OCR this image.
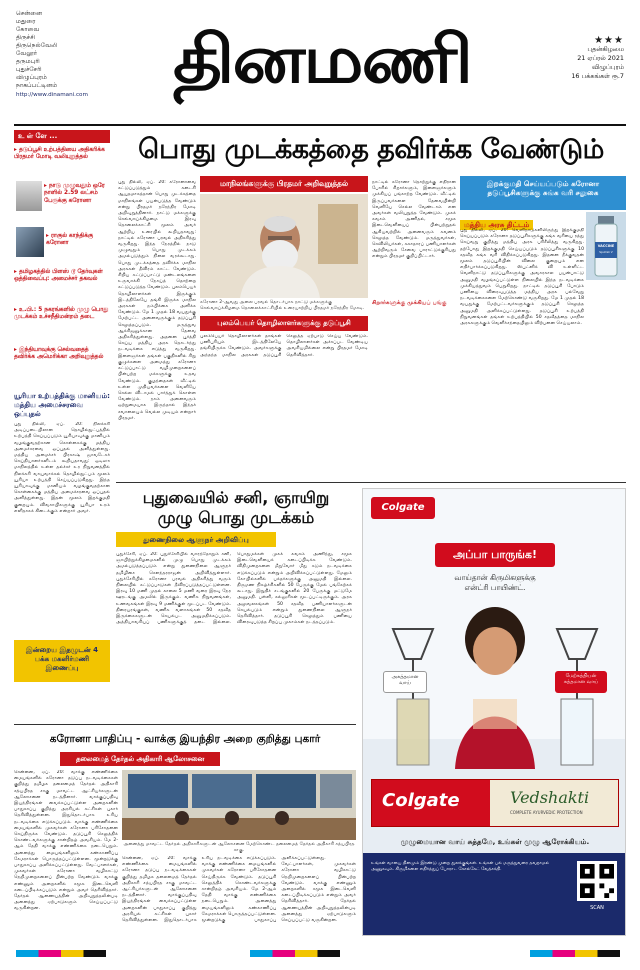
சென்னை
மதுரை
கோவை
திருச்சி
திருநெல்வேலி
வேலூர்
தருமபுரி
புதுச்சேரி
விழுப்புரம்
நாகப்பட்டினம்
http://www.dinamani.com	தினமணி	★★★
புதன்கிழமை
21 ஏப்ரல் 2021
விழுப்புரம்
16 பக்கங்கள் ரூ.7
உ ள் ளே ...
▸ தடுப்பூசி உற்பத்தியை அதிகரிக்க பிரதமர் மோடி வலியுறுத்தல்
▸ நாடு முழுவதும் ஒரே நாளில் 2.59 லட்சம் பேருக்கு கரோனா
▸ ராகுல் காந்திக்கு கரோனா
▸ தமிழகத்தில் பிளஸ் டூ தேர்வுகள் ஒத்திவைப்பு: அமைச்சர் தகவல்
▸ உ.பி.: 5 நகரங்களில் முழு பொது முடக்கம் உச்சநீதிமன்றம் தடை
▸ இந்தியாவுக்கு செல்வதைத் தவிர்க்க அமெரிக்கா அறிவுறுத்தல்
யூரியா உற்பத்திக்கு மானியம்: மத்திய அமைச்சரவை ஒப்புதல்
புது தில்லி, ஏப். 20: நிலக்கரி அடிப்படையிலான தொழில்நுட்பத்தில் உற்பத்தி செய்யப்படும் யூரியாவுக்கு மானியம் வழங்குவதற்கான கொள்கைக்கு மத்திய அமைச்சரவை ஒப்புதல் அளித்துள்ளது. மத்திய அமைச்சர் பிரகாஷ் ஜாவடேகர் செய்தியாளர்களிடம் கூறியதாவது: ஒடிஸா மாநிலத்தில் உள்ள தல்ச்சர் உர நிறுவனத்தில் நிலக்கரி வாயுவாக்கல் தொழில்நுட்பம் மூலம் யூரியா உற்பத்தி செய்யப்படுகிறது. இந்த யூரியாவுக்கு மானியம் வழங்குவதற்கான கொள்கைக்கு மத்திய அமைச்சரவை ஒப்புதல் அளித்துள்ளது. இதன் மூலம் இறக்குமதி குறையும். விவசாயிகளுக்கு யூரியா உரம் எளிதாகக் கிடைக்கும் என்றார் அவர்.
இன்றைய இதழுடன் 4 பக்க மகளிர்மணி இணைப்பு
பொது முடக்கத்தை தவிர்க்க வேண்டும்
புது தில்லி, ஏப். 20: கரோனாவை கட்டுப்படுத்தும் கடைசி ஆயுதமாகத்தான் பொது முடக்கத்தை மாநிலங்கள் பயன்படுத்த வேண்டும் என்று பிரதமர் நரேந்திர மோடி அறிவுறுத்தினார். நாட்டு மக்களுக்கு செவ்வாய்க்கிழமை இரவு தொலைக்காட்சி மூலம் அவர் ஆற்றிய உரையில் கூறியதாவது: நாட்டில் கரோனா பரவல் அதிகரித்து வருகிறது. இந்த நேரத்தில் நாடு முழுவதும் பொது முடக்கம் அமல்படுத்தும் நிலை வரக்கூடாது. பொது முடக்கத்தை தவிர்க்க மாநில அரசுகள் தீவிரம் காட்ட வேண்டும். சிறிய கட்டுப்பாட்டு மண்டலங்களை உருவாக்கி நோய்த் தொற்றை கட்டுப்படுத்த வேண்டும். புலம்பெயர் தொழிலாளர்கள் இருக்கும் இடத்திலேயே தங்கி இருக்க மாநில அரசுகள் நம்பிக்கை அளிக்க வேண்டும். மே 1 முதல் 18 வயதுக்கு மேற்பட்ட அனைவருக்கும் தடுப்பூசி செலுத்தப்படும். மருத்துவ ஆக்சிஜனுக்கான தேவை அதிகரித்துள்ளது. அதனை பூர்த்தி செய்ய மத்திய அரசு தொடர்ந்து நடவடிக்கை எடுத்து வருகிறது. இளைஞர்கள் தங்கள் பகுதிகளில் சிறு குழுக்களை அமைத்து கரோனா கட்டுப்பாட்டு வழிமுறைகளைப் பின்பற்ற மக்களுக்கு உதவ வேண்டும். குழந்தைகள் வீட்டில் உள்ள முதியவர்களை வெளியே செல்ல விடாமல் பார்த்துக் கொள்ள வேண்டும். நாம் அனைவரும் ஒற்றுமையாக இருந்தால் இந்தச் சவாலையும் வெல்ல முடியும் என்றார் பிரதமர்.
மாநிலங்களுக்கு பிரதமர் அறிவுறுத்தல்
கரோனா 2-ஆவது அலை பரவல் தொடர்பாக நாட்டு மக்களுக்கு செவ்வாய்க்கிழமை தொலைக்காட்சியில் உரையாற்றிய பிரதமர் நரேந்திர மோடி.
புலம்பெயர் தொழிலாளர்களுக்கு தடுப்பூசி
புலம்பெயர் தொழிலாளர்கள் தாங்கள் பணிபுரியும் இடத்திலேயே தங்கியிருக்க வேண்டும். அவர்களுக்கு அந்தந்த மாநில அரசுகள் தடுப்பூசி செலுத்த ஏற்பாடு செய்ய வேண்டும். தொழிலாளர்கள் அச்சப்பட வேண்டிய அவசியமில்லை என்று பிரதமர் மோடி தெரிவித்தார்.
நாட்டில் கரோனா தொற்றுக்கு எதிரான போரில் சிறார்களும், இளைஞர்களும் முக்கியப் பங்காற்ற வேண்டும். வீட்டில் இருப்பவர்களை தேவையின்றி வெளியே செல்ல வேண்டாம் என அவர்கள் வலியுறுத்த வேண்டும். முகக் கவசம் அணிதல், சமூக இடைவெளியைப் பின்பற்றுதல் ஆகியவற்றில் அனைவரும் கவனம் செலுத்த வேண்டும். மருத்துவர்கள், செவிலியர்கள், சுகாதாரப் பணியாளர்கள் ஆற்றிவரும் சேவை பாராட்டுக்குரியது என்றும் பிரதமர் குறிப்பிட்டார்.
சிறார்களுக்கு முக்கியப் பங்கு
இறக்குமதி செய்யப்படும் கரோனா தடுப்பூசிகளுக்கு சுங்க வரி சலுகை
மத்திய அரசு திட்டம்
VACCINE
Sputnik V
புது தில்லி, ஏப். 20: வெளிநாடுகளிலிருந்து இறக்குமதி செய்யப்படும் கரோனா தடுப்பூசிகளுக்கு சுங்க வரியை ரத்து செய்வது குறித்து மத்திய அரசு பரிசீலித்து வருகிறது. தற்போது இறக்குமதி செய்யப்படும் தடுப்பூசிகளுக்கு 10 சதவீத சுங்க வரி விதிக்கப்படுகிறது. இதனை நீக்குவதன் மூலம் தடுப்பூசியின் விலை குறையும் என எதிர்பார்க்கப்படுகிறது. ஸ்புட்னிக் வி உள்ளிட்ட வெளிநாட்டு தடுப்பூசிகளுக்கு அவசரகால பயன்பாட்டு அனுமதி வழங்கப்பட்டுள்ள நிலையில் இந்த நடவடிக்கை முக்கியத்துவம் பெறுகிறது. நாட்டில் தடுப்பூசி போடும் பணியை விரைவுபடுத்த மத்திய அரசு பல்வேறு நடவடிக்கைகளை மேற்கொண்டு வருகிறது. மே 1 முதல் 18 வயதுக்கு மேற்பட்டவர்களுக்கும் தடுப்பூசி செலுத்த அனுமதி அளிக்கப்பட்டுள்ளது. தடுப்பூசி உற்பத்தி நிறுவனங்கள் தங்கள் உற்பத்தியில் 50 சதவீதத்தை மாநில அரசுகளுக்கும் வெளிச்சந்தையிலும் விற்பனை செய்யலாம்.
புதுவையில் சனி, ஞாயிறு
முழு பொது முடக்கம்
துணைநிலை ஆளுநர் அறிவிப்பு
புதுச்சேரி, ஏப். 20: புதுச்சேரியில் வாரந்தோறும் சனி, ஞாயிற்றுக்கிழமைகளில் முழு பொது முடக்கம் அமல்படுத்தப்படும் என்று துணைநிலை ஆளுநர் தமிழிசை செளந்தரராஜன் அறிவித்துள்ளார். புதுச்சேரியில் கரோனா பரவல் அதிகரித்து வரும் நிலையில் கட்டுப்பாடுகள் தீவிரப்படுத்தப்பட்டுள்ளன. இரவு 10 மணி முதல் காலை 5 மணி வரை இரவு நேர ஊரடங்கு அமலில் இருக்கும். வணிக நிறுவனங்கள், உணவகங்கள் இரவு 9 மணிக்குள் மூடப்பட வேண்டும். திரையரங்குகள், வணிக வளாகங்கள் 50 சதவீத இருக்கைகளுடன் செயல்பட அனுமதிக்கப்படும். அத்தியாவசியப் பணிகளுக்குத் தடை இல்லை. பொதுமக்கள் முகக் கவசம் அணிந்து, சமூக இடைவெளியைக் கடைப்பிடிக்க வேண்டும். விதிமுறைகளை மீறுவோர் மீது கடும் நடவடிக்கை எடுக்கப்படும் என்றும் அறிவிக்கப்பட்டுள்ளது. மேலும் கோயில்களில் பக்தர்களுக்கு அனுமதி இல்லை. திருமண நிகழ்ச்சிகளில் 50 பேருக்கு மேல் பங்கேற்கக் கூடாது. இறுதிச் சடங்குகளில் 20 பேருக்கு மட்டுமே அனுமதி. பள்ளி, கல்லூரிகள் மூடப்பட்டிருக்கும். அரசு அலுவலகங்கள் 50 சதவீத பணியாளர்களுடன் செயல்படும் என்றும் துணைநிலை ஆளுநர் தெரிவித்தார். தடுப்பூசி செலுத்தும் பணியை விரைவுபடுத்த சிறப்பு முகாம்கள் நடத்தப்படும்.
Colgate
அப்பா பாருங்க!
வாய்தான் கிருமிகளுக்கு
என்ட்ரி பாயிண்ட்.
அசுத்தமான வாய்
மேற்கத்தியன் சுத்தமான வாய்
Colgate	Vedshakti
COMPLETE AYURVEDIC PROTECTION
முழுமையான வாய் சுத்தமே, உங்கள் முழு ஆரோக்கியம்.
உங்கள் வாயை தினமும் இரண்டு முறை துலக்குங்கள். உங்கள் பல் மருத்துவரை தவறாமல் அணுகவும். கிருமிகளை எதிர்த்துப் போராட கோல்கேட் வேத்சக்தி.
SCAN
கரோனா பாதிப்பு - வாக்கு இயந்திர அறை குறித்து புகார்
தலைமைத் தேர்தல் அதிகாரி ஆலோசனை
சென்னை, ஏப். 20: வாக்கு எண்ணிக்கை மையங்களில் கரோனா தடுப்பு நடவடிக்கைகள் குறித்து தமிழக தலைமைத் தேர்தல் அதிகாரி சத்யபிரத சாகு மாவட்ட ஆட்சியர்களுடன் ஆலோசனை நடத்தினார். வாக்குப்பதிவு இயந்திரங்கள் வைக்கப்பட்டுள்ள அறைகளின் பாதுகாப்பு குறித்து அரசியல் கட்சிகள் புகார் தெரிவித்துள்ளன. இதுதொடர்பாக உரிய நடவடிக்கை எடுக்கப்படும். வாக்கு எண்ணிக்கை மையங்களில் முகவர்கள் கரோனா பரிசோதனை செய்திருக்க வேண்டும். தடுப்பூசி செலுத்திக் கொண்டவர்களுக்கு சான்றிதழ் அவசியம். மே 2-ஆம் தேதி வாக்கு எண்ணிக்கை நடைபெறும். அனைத்து மையங்களிலும் கண்காணிப்பு கேமராக்கள் பொருத்தப்பட்டுள்ளன. மூன்றடுக்கு பாதுகாப்பு அளிக்கப்பட்டுள்ளது. வேட்பாளர்கள், முகவர்கள் கரோனா வழிகாட்டு நெறிமுறைகளைப் பின்பற்ற வேண்டும். வாக்கு எண்ணும் அறைகளில் சமூக இடைவெளி கடைப்பிடிக்கப்படும் என்றும் அவர் தெரிவித்தார். தேர்தல் ஆணையத்தின் அறிவுறுத்தலின்படி அனைத்து ஏற்பாடுகளும் செய்யப்பட்டு வருகின்றன.
அனைத்து மாவட்ட தேர்தல் அதிகாரிகளுடன் ஆலோசனை மேற்கொண்ட தலைமைத் தேர்தல் அதிகாரி சத்யபிரத சாகு.
சென்னை, ஏப். 20: வாக்கு எண்ணிக்கை மையங்களில் கரோனா தடுப்பு நடவடிக்கைகள் குறித்து தமிழக தலைமைத் தேர்தல் அதிகாரி சத்யபிரத சாகு மாவட்ட ஆட்சியர்களுடன் ஆலோசனை நடத்தினார். வாக்குப்பதிவு இயந்திரங்கள் வைக்கப்பட்டுள்ள அறைகளின் பாதுகாப்பு குறித்து அரசியல் கட்சிகள் புகார் தெரிவித்துள்ளன. இதுதொடர்பாக உரிய நடவடிக்கை எடுக்கப்படும். வாக்கு எண்ணிக்கை மையங்களில் முகவர்கள் கரோனா பரிசோதனை செய்திருக்க வேண்டும். தடுப்பூசி செலுத்திக் கொண்டவர்களுக்கு சான்றிதழ் அவசியம். மே 2-ஆம் தேதி வாக்கு எண்ணிக்கை நடைபெறும். அனைத்து மையங்களிலும் கண்காணிப்பு கேமராக்கள் பொருத்தப்பட்டுள்ளன. மூன்றடுக்கு பாதுகாப்பு அளிக்கப்பட்டுள்ளது. வேட்பாளர்கள், முகவர்கள் கரோனா வழிகாட்டு நெறிமுறைகளைப் பின்பற்ற வேண்டும். வாக்கு எண்ணும் அறைகளில் சமூக இடைவெளி கடைப்பிடிக்கப்படும் என்றும் அவர் தெரிவித்தார். தேர்தல் ஆணையத்தின் அறிவுறுத்தலின்படி அனைத்து ஏற்பாடுகளும் செய்யப்பட்டு வருகின்றன.
